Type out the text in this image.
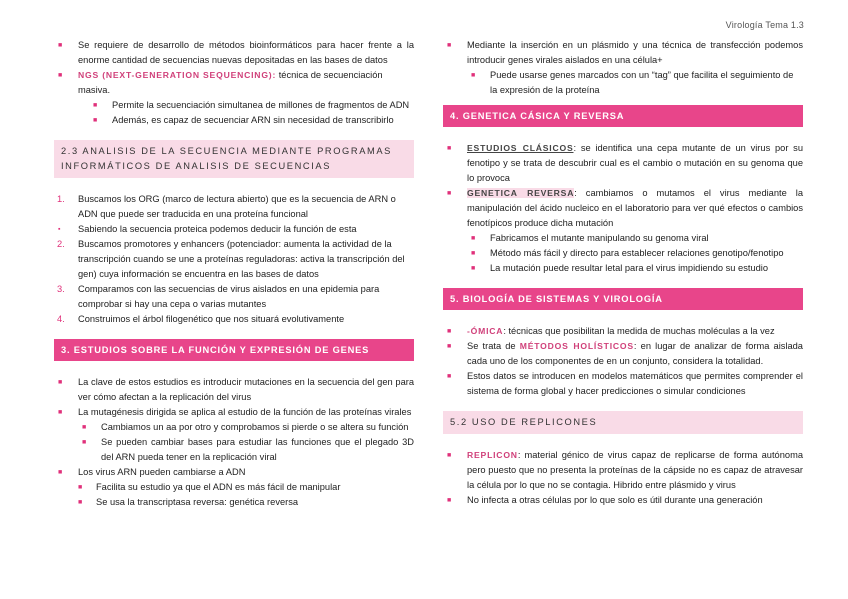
Virología Tema 1.3

■ Se requiere de desarrollo de métodos bioinformáticos para hacer frente a la enorme cantidad de secuencias nuevas depositadas en las bases de datos

■ NGS (NEXT-GENERATION SEQUENCING): técnica de secuenciación masiva.

■ Permite la secuenciación simultanea de millones de fragmentos de ADN

■ Además, es capaz de secuenciar ARN sin necesidad de transcribirlo

2.3 ANALISIS DE LA SECUENCIA MEDIANTE PROGRAMAS INFORMÁTICOS DE ANALISIS DE SECUENCIAS

1. Buscamos los ORG (marco de lectura abierto) que es la secuencia de ARN o ADN que puede ser traducida en una proteína funcional

▪ Sabiendo la secuencia proteica podemos deducir la función de esta

2. Buscamos promotores y enhancers (potenciador: aumenta la actividad de la transcripción cuando se une a proteínas reguladoras: activa la transcripción del gen) cuya información se encuentra en las bases de datos

3. Comparamos con las secuencias de virus aislados en una epidemia para comprobar si hay una cepa o varias mutantes

4. Construimos el árbol filogenético que nos situará evolutivamente

3. ESTUDIOS SOBRE LA FUNCIÓN Y EXPRESIÓN DE GENES

■ La clave de estos estudios es introducir mutaciones en la secuencia del gen para ver cómo afectan a la replicación del virus

■ La mutagénesis dirigida se aplica al estudio de la función de las proteínas virales

■ Cambiamos un aa por otro y comprobamos si pierde o se altera su función

■ Se pueden cambiar bases para estudiar las funciones que el plegado 3D del ARN pueda tener en la replicación viral

■ Los virus ARN pueden cambiarse a ADN

■ Facilita su estudio ya que el ADN es más fácil de manipular

■ Se usa la transcriptasa reversa: genética reversa

■ Mediante la inserción en un plásmido y una técnica de transfección podemos introducir genes virales aislados en una célula+

■ Puede usarse genes marcados con un “tag” que facilita el seguimiento de la expresión de la proteína

4. GENETICA CÁSICA Y REVERSA

■ ESTUDIOS CLÁSICOS: se identifica una cepa mutante de un virus por su fenotipo y se trata de descubrir cual es el cambio o mutación en su genoma que lo provoca

■ GENETICA REVERSA: cambiamos o mutamos el virus mediante la manipulación del ácido nucleico en el laboratorio para ver qué efectos o cambios fenotípicos produce dicha mutación

■ Fabricamos el mutante manipulando su genoma viral

■ Método más fácil y directo para establecer relaciones genotipo/fenotipo

■ La mutación puede resultar letal para el virus impidiendo su estudio

5. BIOLOGÍA DE SISTEMAS Y VIROLOGÍA

■ -ÓMICA: técnicas que posibilitan la medida de muchas moléculas a la vez

■ Se trata de MÉTODOS HOLÍSTICOS: en lugar de analizar de forma aislada cada uno de los componentes de en un conjunto, considera la totalidad.

■ Estos datos se introducen en modelos matemáticos que permites comprender el sistema de forma global y hacer predicciones o simular condiciones

5.2 USO DE REPLICONES

■ REPLICON: material génico de virus capaz de replicarse de forma autónoma pero puesto que no presenta la proteínas de la cápside no es capaz de atravesar la célula por lo que no se contagia. Hibrido entre plásmido y virus

■ No infecta a otras células por lo que solo es útil durante una generación
